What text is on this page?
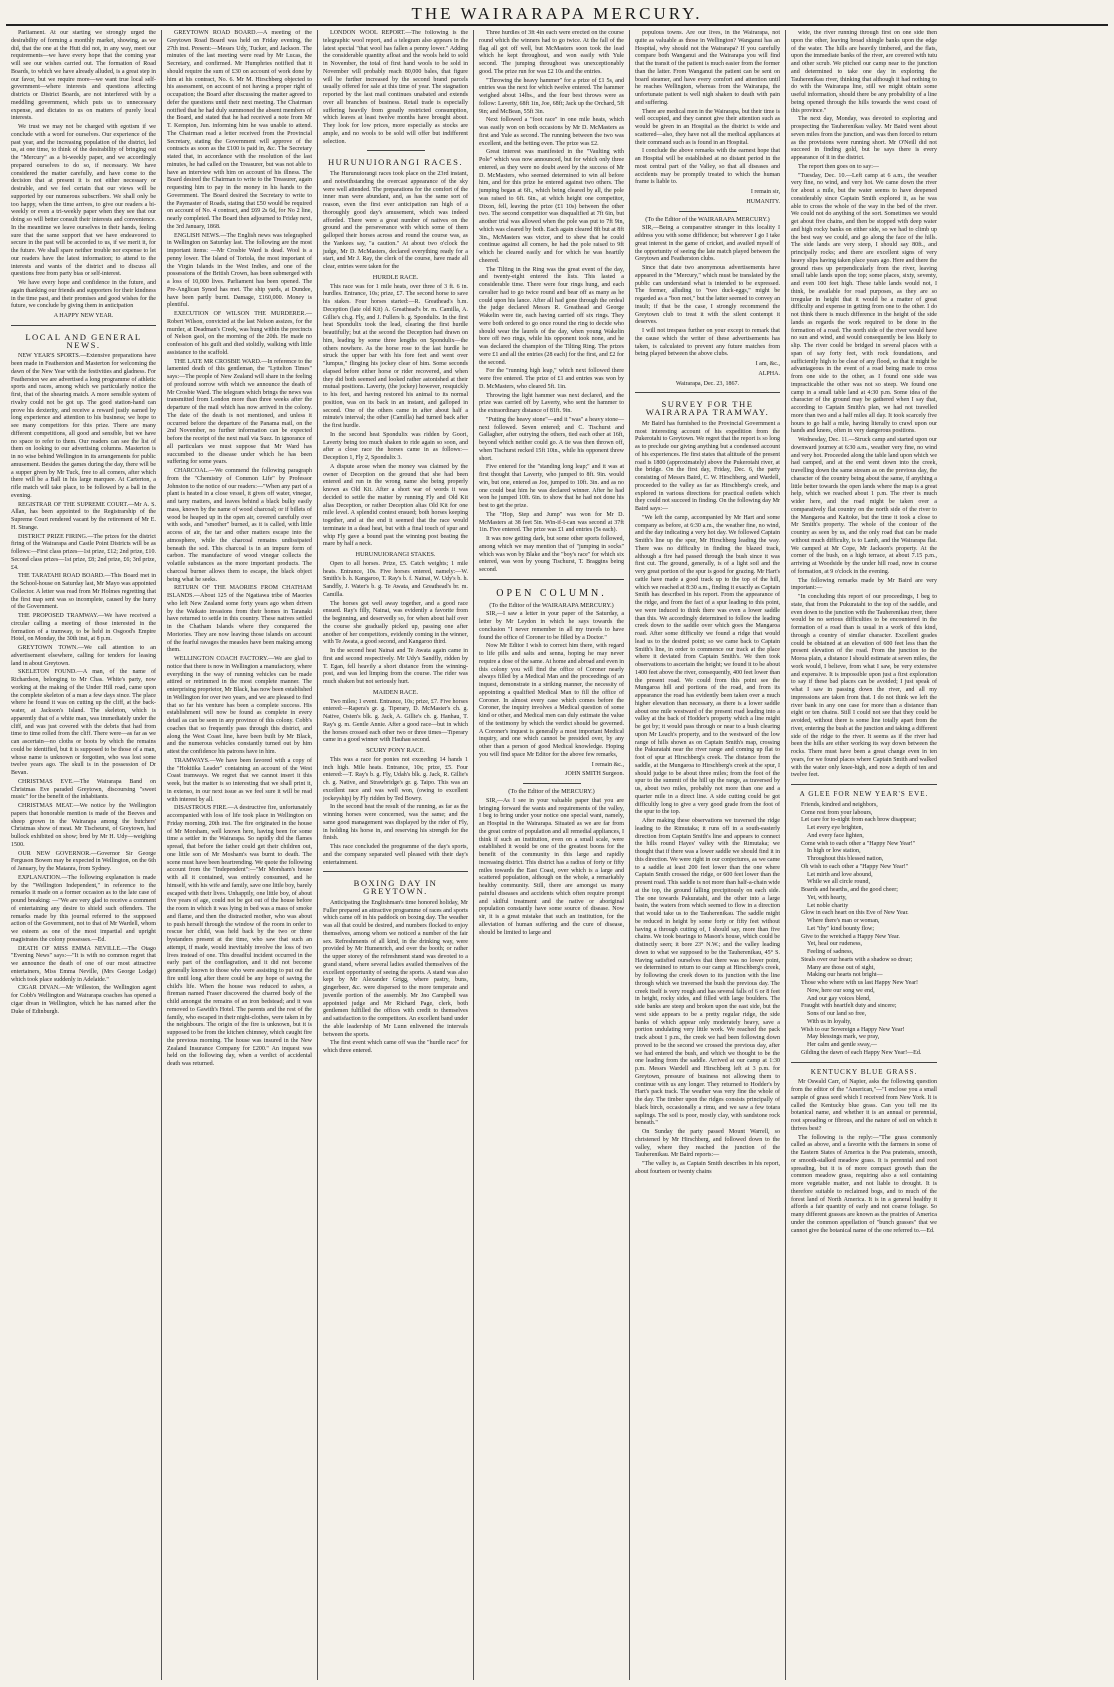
THE WAIRARAPA MERCURY.

Parliament. At our starting we strongly urged the desirability of forming a monthly market, showing, as we did, that the one at the Hutt did not, in any way, meet our requirements—we have every hope that the coming year will see our wishes carried out. The formation of Road Boards, to which we have already alluded, is a great step in our favor, but we require more—we want true local self-government—where interests and questions affecting districts or District Boards, are not interfered with by a meddling government, which puts us to unnecessary expense, and dictates to us on matters of purely local interests.

We trust we may not be charged with egotism if we conclude with a word for ourselves. Our experience of the past year, and the increasing population of the district, led us, at one time, to think of the desirability of bringing out the "Mercury" as a bi-weekly paper, and we accordingly prepared ourselves to do so, if necessary. We have considered the matter carefully, and have come to the decision that at present it is not either necessary or desirable, and we feel certain that our views will be supported by our numerous subscribers. We shall only be too happy, when the time arrives, to give our readers a bi-weekly or even a tri-weekly paper when they see that our doing so will better consult their interests and convenience. In the meantime we leave ourselves in their hands, feeling sure that the same support that we have endeavored to secure in the past will be accorded to us, if we merit it, for the future. We shall spare neither trouble nor expense to let our readers have the latest information; to attend to the interests and wants of the district and to discuss all questions free from party bias or self-interest.

We have every hope and confidence in the future, and again thanking our friends and supporters for their kindness in the time past, and their promises and good wishes for the future, we conclude by giving them in anticipation

A HAPPY NEW YEAR.

LOCAL AND GENERAL NEWS.

NEW YEAR'S SPORTS.—Extensive preparations have been made in Featherston and Masterton for welcoming the dawn of the New Year with the festivities and gladness. For Featherston we are advertised a long programme of athletic sports and races, among which we particularly notice the first, that of the shearing match. A more sensible system of rivalry could not be got up. The good station-hand can prove his dexterity, and receive a reward justly earned by long experience and attention to his business; we hope to see many competitors for this prize. There are many different competitions, all good and sensible, but we have no space to refer to them. Our readers can see the list of them on looking to our advertising columns. Masterton is in no wise behind Wellington in its arrangements for public amusement. Besides the games during the day, there will be a supper given by Mr Tuck, free to all comers, after which there will be a Ball in his large marquee. At Carterton, a rifle match will take place, to be followed by a ball in the evening.

REGISTRAR OF THE SUPREME COURT.—Mr A. S. Allan, has been appointed to the Registrarship of the Supreme Court rendered vacant by the retirement of Mr E. H. Strange.

DISTRICT PRIZE FIRING.—The prizes for the district firing of the Wairarapa and Castle Point Districts will be as follows:—First class prizes—1st prize, £12; 2nd prize, £10. Second class prizes—1st prize, £8; 2nd prize, £6; 3rd prize, £4.

THE TARATAHI ROAD BOARD.—This Board met in the School-house on Saturday last, Mr Mayo was appointed Collector. A letter was read from Mr Holmes regretting that the first map sent was so incomplete, caused by the hurry of the Government.

THE PROPOSED TRAMWAY.—We have received a circular calling a meeting of those interested in the formation of a tramway, to be held in Osgood's Empire Hotel, on Monday, the 30th inst, at 8 p.m.

GREYTOWN TOWN.—We call attention to an advertisement elsewhere, calling for tenders for leasing land in about Greytown.

SKELETON FOUND.—A man, of the name of Richardson, belonging to Mr Chas. White's party, now working at the making of the Under Hill road, came upon the complete skeleton of a man a few days since. The place where he found it was on cutting up the cliff, at the back-water, at Jackson's Island. The skeleton, which is apparently that of a white man, was immediately under the cliff, and was just covered with the debris that had from time to time rolled from the cliff. There were—as far as we can ascertain—no cloths or boots by which the remains could be identified, but it is supposed to be those of a man, whose name is unknown or forgotten, who was lost some twelve years ago. The skull is in the possession of Dr Bevan.

CHRISTMAS EVE.—The Wairarapa Band on Christmas Eve paraded Greytown, discoursing "sweet music" for the benefit of the inhabitants.

CHRISTMAS MEAT.—We notice by the Wellington papers that honorable mention is made of the Beeves and sheep grown in the Wairarapa among the butchers' Christmas show of meat. Mr Tischeurst, of Greytown, had bullock exhibited on show; bred by Mr H. Udy—weighing 1500.

OUR NEW GOVERNOR.—Governor Sir George Ferguson Bowen may be expected in Wellington, on the 6th of January, by the Matanra, from Sydney.

EXPLANATION.—The following explanation is made by the "Wellington Independent," in reference to the remarks it made on a former occasion as to the late case of pound breaking: —"We are very glad to receive a comment of entertaining any desire to shield such offenders. The remarks made by this journal referred to the supposed action of the Government, not to that of Mr Wardell, whom we esteem as one of the most impartial and upright magistrates the colony possesses.—Ed.

DEATH OF MISS EMMA NEVILLE.—The Otago "Evening News" says:—"It is with no common regret that we announce the death of one of our most attractive entertainers, Miss Emma Neville, (Mrs George Lodge) which took place suddenly in Adelaide."

CIGAR DIVAN.—Mr Willeston, the Wellington agent for Cobb's Wellington and Wairarapa coaches has opened a cigar divan in Wellington, which he has named after the Duke of Edinburgh.

GREYTOWN ROAD BOARD.—A meeting of the Greytown Road Board was held on Friday evening, the 27th inst. Present:—Messrs Udy, Tucker, and Jackson. The minutes of the last meeting were read by Mr Lucas, the Secretary, and confirmed. Mr Humphries notified that it should require the sum of £30 on account of work done by him at his contract, No. 6. Mr M. Hirschberg objected to his assessment, on account of not having a proper right of occupation; the Board after discussing the matter agreed to defer the questions until their next meeting. The Chairman notified that he had duly summoned the absent members of the Board, and stated that he had received a note from Mr T. Kempton, Jun. informing him he was unable to attend. The Chairman read a letter received from the Provincial Secretary, stating the Government will approve of the contracts as soon as the £100 is paid in, &c. The Secretary stated that, in accordance with the resolution of the last minutes, he had called on the Treasurer, but was not able to have an interview with him on account of his illness. The Board desired the Chairman to write to the Treasurer, again requesting him to pay in the money in his hands to the Government. The Board desired the Secretary to write to the Paymaster of Roads, stating that £50 would be required on account of No. 4 contract, and £69 2s 6d, for No 2 line, nearly completed. The Board then adjourned to Friday next, the 3rd January, 1868.

ENGLISH NEWS.—The English news was telegraphed in Wellington on Saturday last. The following are the most important items: —Mr Crosbie Ward is dead. Wool is a penny lower. The Island of Tortola, the most important of the Virgin Islands in the West Indies, and one of the possessions of the British Crown, has been submerged with a loss of 10,000 lives. Parliament has been opened. The Pre-Anglican Synod has met. The ship yards, at Dundee, have been partly burnt. Damage, £160,000. Money is plentiful.

EXECUTION OF WILSON THE MURDERER.—Robert Wilson, convicted at the last Nelson assizes, for the murder, at Deadman's Creek, was hung within the precincts of Nelson gaol, on the morning of the 20th. He made no confession of his guilt and died stolidly, walking with little assistance to the scaffold.

THE LATE MR CROSBIE WARD.—In reference to the lamented death of this gentleman, the "Lyttelton Times" says:—The people of New Zealand will share in the feeling of profound sorrow with which we announce the death of Mr Crosbie Ward. The telegram which brings the news was transmitted from London more than three weeks after the departure of the mail which has now arrived in the colony. The date of the death is not mentioned, and unless it occurred before the departure of the Panama mail, on the 2nd November, no further information can be expected before the receipt of the next mail via Suez. In ignorance of all particulars we must suppose that Mr Ward has succumbed to the disease under which he has been suffering for some years.

CHARCOAL.—We commend the following paragraph from the "Chemistry of Common Life" by Professor Johnston to the notice of our readers:—"When any part of a plant is heated in a close vessel, it gives off water, vinegar, and tarry matters, and leaves behind a black bulky easily mass, known by the name of wood charcoal; or if billets of wood be heaped up in the open air, covered carefully over with sods, and "smother" burned, as it is called, with little access of air, the tar and other matters escape into the atmosphere, while the charcoal remains undissipated beneath the sod. This charcoal is in an impure form of carbon. The manufacture of wood vinegar collects the volatile substances as the more important products. The charcoal burner allows them to escape, the black object being what he seeks.

RETURN OF THE MAORIES FROM CHATHAM ISLANDS.—About 125 of the Ngatiawa tribe of Maories who left New Zealand some forty years ago when driven by the Waikato invasions from their homes in Taranaki have returned to settle in this country. These natives settled in the Chatham Islands where they conquered the Moriories. They are now leaving those islands on account of the fearful ravages the measles have been making among them.

WELLINGTON COACH FACTORY.—We are glad to notice that there is now in Wellington a manufactory, where everything in the way of running vehicles can be made attired or retrimmed in the most complete manner. The enterprising proprietor, Mr Black, has now been established in Wellington for over two years, and we are pleased to find that so far his venture has been a complete success. His establishment will now be found as complete in every detail as can be seen in any province of this colony. Cobb's coaches that so frequently pass through this district, and along the West Coast line, have been built by Mr Black, and the numerous vehicles constantly turned out by him attest the confidence his patrons have in him.

TRAMWAYS.—We have been favored with a copy of the "Hokitika Leader" containing an account of the West Coast tramways. We regret that we cannot insert it this week, but the matter is so interesting that we shall print it, in extenso, in our next issue as we feel sure it will be read with interest by all.

DISASTROUS FIRE.—A destructive fire, unfortunately accompanied with loss of life took place in Wellington on Friday morning, 20th inst. The fire originated in the house of Mr Morsham, well known here, having been for some time a settler in the Wairarapa. So rapidly did the flames spread, that before the father could get their children out, one little son of Mr Mosham's was burnt to death. The scene must have been heartrending. We quote the following account from the "Independent":—"Mr Morsham's house with all it contained, was entirely consumed, and he himself, with his wife and family, save one little boy, barely escaped with their lives. Unhappily, one little boy, of about five years of age, could not be got out of the house before the room in which it was lying in bed was a mass of smoke and flame, and then the distracted mother, who was about to push herself through the window of the room in order to rescue her child, was held back by the two or three bystanders present at the time, who saw that such an attempt, if made, would inevitably involve the loss of two lives instead of one. This dreadful incident occurred in the early part of the conflagration, and it did not become generally known to those who were assisting to put out the fire until long after there could be any hope of saving the child's life. When the house was reduced to ashes, a fireman named Fraser discovered the charred body of the child amongst the remains of an iron bedstead; and it was removed to Gawith's Hotel. The parents and the rest of the family, who escaped in their night-clothes, were taken in by the neighbours. The origin of the fire is unknown, but it is supposed to be from the kitchen chimney, which caught fire the previous morning. The house was insured in the New Zealand Insurance Company for £200." An inquest was held on the following day, when a verdict of accidental death was returned.

LONDON WOOL REPORT.—The following is the telegraphic wool report, and a telegram also appears in the latest special "that wool has fallen a penny lower." Adding the considerable quantity afloat and the wools held to sold in November, the total of first hand wools to be sold in November will probably reach 80,000 bales, that figure will be further increased by the second brand parcels usually offered for sale at this time of year. The stagnation reported by the last mail continues unabated and extends over all branches of business. Retail trade is especially suffering heavily from greatly restricted consumption, which leaves at least twelve months have brought about. They look for low prices, more especially as stocks are ample, and no wools to be sold will offer but indifferent selection.

HURUNUIORANGI RACES.

The Hurunuiorangi races took place on the 23rd instant, and notwithstanding the overcast appearance of the sky were well attended. The preparations for the comfort of the inner man were abundant, and, as has the same sort of reason, even the first ever anticipation ran high of a thoroughly good day's amusement, which was indeed afforded. There were a great number of natives on the ground and the perseverance with which some of them galloped their horses across and round the course was, as the Yankees say, "a caution." At about two o'clock the judge, Mr D. McMasters, declared everything ready for a start, and Mr J. Ray, the clerk of the course, have made all clear, entries were taken for the

HURDLE RACE.

This race was for 1 mile heats, over three of 3 ft. 6 in. hurdles. Entrance, 10s; prize, £7. The second horse to save his stakes. Four horses started:—R. Greathead's b.m. Deception (late old Kit) A. Greathead's br. m. Camilla, A. Gillie's ch.g. Fly, and J. Fullers b. g. Spondulix. In the first heat Spondulix took the lead, clearing the first hurdle beautifully; but at the second the Deception had drawn on him, leading by some three lengths on Spondulix—the others nowhere. As the horse rose to the last hurdle he struck the upper bar with his fore feet and went over "lumpus," flinging his jockey clear of him. Some seconds elapsed before either horse or rider recovered, and when they did both seemed and looked rather astonished at their mutual positions. Laverty, (the jockey) however, resquickly to his feet, and having restored his animal to its normal position, was on its back in an instant, and galloped in second. One of the others came in after about half a minute's interval; the other (Camilla) had turned back after the first hurdle.

In the second heat Spondulix was ridden by Goori, Laverty being too much shaken to ride again so soon, and after a close race the horses came in as follows:—Deception 1, Fly 2, Spondulix 3.

A dispute arose when the money was claimed by the owner of Deception on the ground that she had been entered and run in the wrong name she being properly known as Old Kit. After a short war of words it was decided to settle the matter by running Fly and Old Kit alias Deception, or rather Deception alias Old Kit for one mile level. A splendid contest ensued; both horses keeping together, and at the end it seemed that the race would terminate in a dead heat, but with a final touch of spur and whip Fly gave a bound past the winning post beating the mare by half a neck.

HURUNUIORANGI STAKES.

Open to all horses. Prize, £5. Catch weights; 1 mile heats. Entrance, 10s. Five horses entered, namely:—W. Smith's b. h. Kangaroo, T. Ray's b. f. Nainai, W. Udy's b. h. Sandfly, J. Water's b. g. Te Awata, and Greathead's br. m. Camilla.

The horses got well away together, and a good race ensued. Ray's filly, Nainai, was evidently a favorite from the beginning, and deservedly so, for when about half over the course she gradually picked up, passing one after another of her competitors, evidently coming in the winner, with Te Awata, a good second, and Kangaroo third.

In the second heat Nainai and Te Awata again came in first and second respectively. Mr Udy's Sandfly, ridden by T. Egan, fell heavily a short distance from the winning-post, and was led limping from the course. The rider was much shaken but not seriously hurt.

MAIDEN RACE.

Two miles; 1 event. Entrance, 10s; prize, £7. Five horses entered:—Rapera's gr. g. Tiperary, D. McMaster's ch. g. Native, Osten's blk. g. Jack, A. Gillie's ch. g. Hanhau, T. Ray's g. m. Gentle Annie. After a good race—but in which the horses crossed each other two or three times—Tiperary came in a good winner with Hauhau second.

SCURY PONY RACE.

This was a race for ponies not exceeding 14 hands 1 inch high. Mile heats. Entrance, 10s; prize, £5. Four entered:—T. Ray's b. g. Fly, Udah's blk. g. Jack, R. Gillie's ch. g. Native, and Strawbridge's gr. g. Taipo. This was an excellent race and was well won, (owing to excellent jockeyship) by Fly ridden by Ted Bowry.

In the second heat the result of the running, as far as the winning horses were concerned, was the same; and the same good management was displayed by the rider of Fly, in holding his horse in, and reserving his strength for the finish.

This race concluded the programme of the day's sports, and the company separated well pleased with their day's entertainment.

BOXING DAY IN GREYTOWN.

Anticipating the Englishman's time honored holiday, Mr Fuller prepared an attractive programme of races and sports which came off in his paddock on boxing day. The weather was all that could be desired, and numbers flocked to enjoy themselves, among whom we noticed a number of the fair sex. Refreshments of all kind, in the drinking way, were provided by Mr Humenrich, and over the booth; or rather the upper storey of the refreshment stand was devoted to a grand stand, where several ladies availed themselves of the excellent opportunity of seeing the sports. A stand was also kept by Mr Alexander Grigg, where pastry, buns, gingerbeer, &c. were dispersed to the more temperate and juvenile portion of the assembly. Mr Jno Campbell was appointed judge and Mr Richard Page, clerk, both gentlemen fulfilled the offices with credit to themselves and satisfaction to the competitors. An excellent band under the able leadership of Mr Lunn enlivened the intervals between the sports.

The first event which came off was the "hurdle race" for which three entered.

Three hurdles of 3ft 4in each were erected on the course round which the winners had to go twice. At the fall of the flag all got off well, but McMasters soon took the lead which he kept throughout, and won easily with Yule second. The jumping throughout was unexceptionably good. The prize run for was £2 10s and the entries.

"Throwing the heavy hammer" for a prize of £1 5s, and entries was the next for which twelve entered. The hammer weighed about 14lbs., and the four best throws were as follow: Laverty, 68ft 1in, Joe, 68ft; Jack up the Orchard, 5ft 9in; and McBean, 55ft 3in.

Next followed a "foot race" in one mile heats, which was easily won on both occasions by Mr D. McMasters as first and Yule as second. The running between the two was excellent, and the betting even. The prize was £2.

Great interest was manifested in the "Vaulting with Pole" which was now announced, but for which only three entered, as they were no doubt awed by the success of Mr D. McMasters, who seemed determined to win all before him, and for this prize he entered against two others. The jumping began at 6ft., which being cleared by all, the pole was raised to 6ft. 6in., at which height one competitor, Dixon, fell, leaving the prize (£1 10s) between the other two. The second competitor was disqualified at 7ft 6in, but another trial was allowed when the pole was put to 7ft 9in, which was cleared by both. Each again cleared 8ft but at 8ft 3in., McMasters was victor, and to shew that he could continue against all comers, he had the pole raised to 9ft which he cleared easily and for which he was heartily cheered.

The Tilting in the Ring was the great event of the day, and twenty-eight entered the lists. This lasted a considerable time. There were four rings hung, and each cavalier had to go twice round and bear off as many as he could upon his lance. After all had gone through the ordeal the judge declared Messrs R. Greathead and George Wakelin were tie, each having carried off six rings. They were both ordered to go once round the ring to decide who should wear the laurels of the day, when young Wakelin bore off two rings, while his opponent took none, and he was declared the champion of the Tilting Ring. The prizes were £1 and all the entries (28 each) for the first, and £2 for the second.

For the "running high leap," which next followed there were five entered. The prize of £1 and entries was won by D. McMasters, who cleared 5ft. 1in.

Throwing the light hammer was next declared, and the prize was carried off by Laverty, who sent the hammer to the extraordinary distance of 81ft. 9in.

"Putting the heavy stone"—and it "was" a heavy stone—next followed. Seven entered; and C. Tischurst and Gallagher, after outrying the others, tied each other at 16ft, beyond which neither could go. A tie was then thrown off, when Tischurst recked 15ft 10in., while his opponent threw short.

Five entered for the "standing long leap;" and it was at first thought that Laverty, who jumped to 8ft. 9in. would win, but one, entered as Joe, jumped to 10ft. 3in. and as no one could beat him he was declared winner. After he had won he jumped 10ft. 6in. to show that he had not done his best to get the prize.

The "Hop, Step and Jump" was won for Mr D. McMasters at 38 feet 5in. Win-if-I-can was second at 37ft 1in. Five entered. The prize was £1 and entries (5s each).

It was now getting dark, but some other sports followed, among which we may mention that of "jumping in socks" which was won by Blake and the "boy's race" for which six entered, was won by young Tischurst, T. Braggins being second.

OPEN COLUMN.

(To the Editor of the WAIRARAPA MERCURY.)

SIR,—I saw a letter in your paper of the Saturday, a letter by Mr Leydon in which he says towards the conclusion "I never remember in all my travels to have found the office of Coroner to be filled by a Doctor."

Now Mr Editor I wish to correct him there, with regard to life pills and salts and senna, hoping he may never require a dose of the same. At home and abroad and even in this colony you will find the office of Coroner nearly always filled by a Medical Man and the proceedings of an inquest, demonstrate in a striking manner, the necessity of appointing a qualified Medical Man to fill the office of Coroner. In almost every case which comes before the Coroner, the inquiry involves a Medical question of some kind or other, and Medical men can duly estimate the value of the testimony by which the verdict should be governed. A Coroner's inquest is generally a most important Medical inquiry, and one which cannot be presided over, by any other than a person of good Medical knowledge. Hoping you will find space Mr Editor for the above few remarks,

I remain &c.,

JOHN SMITH Surgeon.

(To the Editor of the MERCURY.)

SIR,—As I see in your valuable paper that you are bringing forward the wants and requirements of the valley, I beg to bring under your notice one special want, namely, an Hospital in the Wairarapa. Situated as we are far from the great centre of population and all remedial appliances, I think if such an institution, even on a small scale, were established it would be one of the greatest boons for the benefit of the community in this large and rapidly increasing district. This district has a radius of forty or fifty miles towards the East Coast, over which is a large and scattered population, although on the whole, a remarkably healthy community. Still, there are amongst us many painful diseases and accidents which often require prompt and skilful treatment and the native or aboriginal population constantly have some source of disease. Now sir, it is a great mistake that such an institution, for the alleviation of human suffering and the cure of disease, should be limited to large and

populous towns. Are our lives, in the Wairarapa, not quite as valuable as those in Wellington? Wanganui has an Hospital, why should not the Wairarapa? If you carefully compare both Wanganui and the Wairarapa you will find that the transit of the patient is much easier from the former than the latter. From Wanganui the patient can be sent on board steamer, and have every comfort and attention until he reaches Wellington, whereas from the Wairarapa, the unfortunate patient is well nigh shaken to death with pain and suffering.

There are medical men in the Wairarapa, but their time is well occupied, and they cannot give their attention such as would be given in an Hospital as the district is wide and scattered—also, they have not all the medical appliances at their command such as is found in an Hospital.

I conclude the above remarks with the earnest hope that an Hospital will be established at no distant period in the most central part of the Valley, so that all diseases and accidents may be promptly treated to which the human frame is liable to.

I remain sir,

HUMANITY.

(To the Editor of the WAIRARAPA MERCURY.)

SIR,—Being a comparative stranger in this locality I address you with some diffidence; but wherever I go I take great interest in the game of cricket, and availed myself of the opportunity of seeing the late match played between the Greytown and Featherston clubs.

Since that date two anonymous advertisements have appeared in the "Mercury," which must be translated by the public can understand what is intended to be expressed. The former, alluding to "two duck-eggs," might be regarded as a "bon mot," but the latter seemed to convey an insult; if that be the case, I strongly recommend the Greytown club to treat it with the silent contempt it deserves.

I will not trespass further on your except to remark that the cause which the writer of these advertisements has taken, is calculated to prevent any future matches from being played between the above clubs.

I am, &c.,

ALPHA.

Wairarapa, Dec. 23, 1867.

SURVEY FOR THE WAIRARAPA TRAMWAY.

Mr Baird has furnished to the Provincial Government a most interesting account of his expedition from the Pukerotahi to Greytown. We regret that the report is so long as to preclude our giving anything but a condensed account of his experiences. He first states that altitude of the present road is 1800 (approximately) above the Pukerotahi river, at the bridge. On the first day, Friday, Dec. 6, the party consisting of Messrs Baird, C. W. Hirschberg, and Wardell, proceeded to the valley as far as Hirschberg's creek, and explored in various directions for practical outlets which they could not succeed in finding. On the following day Mr Baird says:—

"We left the camp, accompanied by Mr Hart and some company as before, at 6:30 a.m., the weather fine, no wind, and the day indicating a very hot day. We followed Captain Smith's line up the spur, Mr Hirschberg leading the way. There was no difficulty in finding the blazed track, although a fire had passed through the bush since it was first cut. The ground, generally, is of a light soil and the very great portion of the spur is good for grazing. Mr Hart's cattle have made a good track up to the top of the hill, which we reached at 8:30 a.m., finding it exactly as Captain Smith has described in his report. From the appearance of the ridge, and from the fact of a spur leading to this point, we were induced to think there was even a lower saddle than this. We accordingly determined to follow the leading creek down to the saddle over which goes the Mangaroa road. After some difficulty we found a ridge that would lead us to the desired point; so we came back to Captain Smith's line, in order to commence our track at the place where it deviated from Captain Smith's. We then took observations to ascertain the height; we found it to be about 1400 feet above the river, consequently, 400 feet lower than the present road. We could from this point see the Mungaroa hill and portions of the road, and from its appearance the road has evidently been taken over a much higher elevation than necessary, as there is a lower saddle about one mile westward of the present road leading into a valley at the back of Hodder's property which a line might be got by; it would pass through or near to a bush clearing upon Mr Leach's property, and to the westward of the low range of hills shown as on Captain Smith's map, crossing the Pakuratahi near the river range and coming up flat to foot of spur at Hirschberg's creek. The distance from the saddle, at the Mungaroa to Hirschberg's creek at the spur, I should judge to be about three miles; from the foot of the spur to the summit of the hill up the range, as traversed by us, about two miles, probably not more than one and a quarter mile in a direct line. A side cutting could be got difficultly long to give a very good grade from the foot of the spur to the top.

After making these observations we traversed the ridge leading to the Rimutaka; it runs off in a south-easterly direction from Captain Smith's line and appears to connect the hills round Hayes' valley with the Rimutaka; we thought that if there was a lower saddle we should find it in this direction. We were right in our conjectures, as we came to a saddle at least 200 feet lower than the one where Captain Smith crossed the ridge, or 600 feet lower than the present road. This saddle is not more than half-a-chain wide at the top, the ground falling precipitously on each side. The one towards Pakuratahi, and the other into a large basin, the waters from which seemed to flow in a direction that would take us to the Tauherenikau. The saddle might be reduced in height by some forty or fifty feet without having a through cutting of, I should say, more than five chains. We took bearings to Mason's house, which could be distinctly seen; it bore 23° N.W.; and the valley leading down to what we supposed to be the Tauherenikau, 45° S. Having satisfied ourselves that there was no lower point, we determined to return to our camp at Hirschberg's creek, by following the creek down to its junction with the line through which we traversed the bush the previous day. The creek itself is very rough and has several falls of 6 or 8 feet in height, rocky sides, and filled with large boulders. The side banks are steep and broken upon the east side, but the west side appears to be a pretty regular ridge, the side banks of which appear only moderately heavy, save a portion undulating very little work. We reached the pack track about 1 p.m., the creek we had been following down proved to be the second we crossed the previous day, after we had entered the bush, and which we thought to be the one leading from the saddle. Arrived at our camp at 1:30 p.m. Messrs Wardell and Hirschberg left at 3 p.m. for Greytown, pressure of business not allowing them to continue with us any longer. They returned to Hodder's by Hart's pack track. The weather was very fine the whole of the day. The timber upon the ridges consists principally of black birch, occasionally a rimu, and we saw a few totara saplings. The soil is poor, mostly clay, with sandstone rock beneath."

On Sunday the party passed Mount Warrell, so christened by Mr Hirschberg, and followed down to the valley, where they reached the junction of the Tauherenikau. Mr Baird reports:—

"The valley is, as Captain Smith describes in his report, about fourteen or twenty chains

wide, the river running through first on one side then upon the other, leaving broad shingle banks upon the edge of the water. The hills are heavily timbered, and the flats, upon the immediate banks of the river, are covered with tutu and other scrub. We pitched our camp near to the junction and determined to take one day in exploring the Tauherenikau river, thinking that although it had nothing to do with the Wairarapa line, still we might obtain some useful information, should there be any probability of a line being opened through the hills towards the west coast of this province."

The next day, Monday, was devoted to exploring and prospecting the Tauherenikau valley. Mr Baird went about seven miles from the junction, and was then forced to return as the provisions were running short. Mr O'Neill did not succeed in finding gold, but he says there is every appearance of it in the district.

The report then goes on to say:—

"Tuesday, Dec. 10.—Left camp at 6 a.m., the weather very fine, no wind, and very hot. We came down the river for about a mile, but the water seems to have deepened considerably since Captain Smith explored it, as he was able to cross the whole of the way in the bed of the river. We could not do anything of the sort. Sometimes we would get about five chains, and then be stopped with deep water and high rocky banks on either side, so we had to climb up the best way we could, and go along the face of the hills. The side lands are very steep, I should say 80ft., and principally rocks; and there are excellent signs of very heavy slips having taken place years ago. Here and there the ground rises up perpendicularly from the river, leaving small table lands upon the top; some places, sixty, seventy, and even 100 feet high. These table lands would not, I think, be available for road purposes, as they are so irregular in height that it would be a matter of great difficulty and expense in getting from one to the other. I do not think there is much difference in the height of the side lands as regards the work required to be done in the formation of a road. The north side of the river would have no sun and wind, and would consequently be less likely to slip. The river could be bridged in several places with a span of say forty feet, with rock foundations, and sufficiently high to be clear of any flood, so that it might be advantageous in the event of a road being made to cross from one side to the other, as I found one side was impracticable the other was not so steep. We found one camp in a small table land at 4:30 p.m. Some idea of the character of the ground may be gathered when I say that, according to Captain Smith's plan, we had not travelled more than two and a half miles all day. It took scarcely five hours to go half a mile, having literally to crawl upon our hands and knees, often in very dangerous positions.

Wednesday, Dec. 11.—Struck camp and started upon our downward journey at 6:30 a.m., weather very fine, no wind and very hot. Proceeded along the table land upon which we had camped, and at the end went down into the creek, travelling down the same stream as on the previous day, the character of the country being about the same, if anything a little better towards the open lands where the map is a great help, which we reached about 1 p.m. The river is much wider here, and the road might be taken over a comparatively flat country on the north side of the river to the Mangaroa and Kaitoke, but the time it took a close to Mr Smith's property. The whole of the contour of the country as seen by us, and the only road that can be made without much difficulty, is to Lamb, and the Wairarapa flat. We camped at Mr Cope, Mr Jackson's property. At the corner of the bush, on a high terrace, at about 7.15 p.m., arriving at Woodside by the under hill road, now in course of formation, at 9 o'clock in the evening.

The following remarks made by Mr Baird are very important:—

"In concluding this report of our proceedings, I beg to state, that from the Pukuratahi to the top of the saddle, and even down to the junction with the Tauherenikau river, there would be no serious difficulties to be encountered in the formation of a road than is usual in a work of this kind, through a country of similar character. Excellent grades could be obtained at an elevation of 600 feet less than the present elevation of the road. From the junction to the Moroa plain, a distance I should estimate at seven miles, the work would, I believe, from what I saw, be very extensive and expensive. It is impossible upon just a first exploration to say if these bad places can be avoided; I just speak of what I saw in passing down the river, and all my impressions are taken from that. I do not think we left the river bank in any one case for more than a distance than eight or ten chains. Still I could not see that they could be avoided, without there is some line totally apart from the river, entering the bush at the junction and taking a different side of the ridge to the river. It seems as if the river had been the hills are either working its way down between the rocks. There must have been a great change even in ten years, for we found places where Captain Smith and walked with the water only knee-high, and now a depth of ten and twelve feet.

A GLEE FOR NEW YEAR'S EVE.

Friends, kindred and neighbors,

Come rest from your labours,

Let care for to-night from each brow disappear;

Let every eye brighten,

And every face lighten,

Come wish to each other a "Happy New Year!"

In high or low station,

Throughout this blessed nation,

Oh wish to each other a "Happy New Year!"

Let mirth and love abound,

While we all circle round,

Boards and hearths, and the good cheer;

Yet, with hearty,

Let noble charity

Glow in each heart on this Eve of New Year.

Where there's man or woman,

Let "thy" kind bounty flow;

Give to the wretched a Happy New Year.

Yet, heal our rudeness,

Feeling of sadness,

Steals over our hearts with a shadow so drear;

Many are those out of sight,

Making our hearts not bright—

Those who where with us last Happy New Year!

Now, here our song we end,

And our gay voices blend,

Fraught with heartfelt duty and sincere;

Sons of our land so free,

With us in loyalty,

Wish to our Sovereign a Happy New Year!

May blessings mark, we pray,

Her calm and gentle sway,—

Gilding the dawn of each Happy New Year!—Ed.

KENTUCKY BLUE GRASS.

Mr Oswald Carr, of Napier, asks the following question from the editor of the "American,"—"I enclose you a small sample of grass seed which I received from New York. It is called the Kentucky blue grass. Can you tell me its botanical name, and whether it is an annual or perennial, root spreading or fibrous, and the nature of soil on which it thrives best?

The following is the reply:—"The grass commonly called as above, and a favorite with the farmers in some of the Eastern States of America is the Poa pratensis, smooth, or smooth-stalked meadow grass. It is perennial and root spreading, but it is of more compact growth than the common meadow grass, requiring also a soil containing more vegetable matter, and not liable to drought. It is therefore suitable to reclaimed bogs, and to much of the forest land of North America. It is in a general healthy it affords a fair quantity of early and not coarse foliage. So many different grasses are known as the prairies of America under the common appellation of "bunch grasses" that we cannot give the botanical name of the one referred to.—Ed.
